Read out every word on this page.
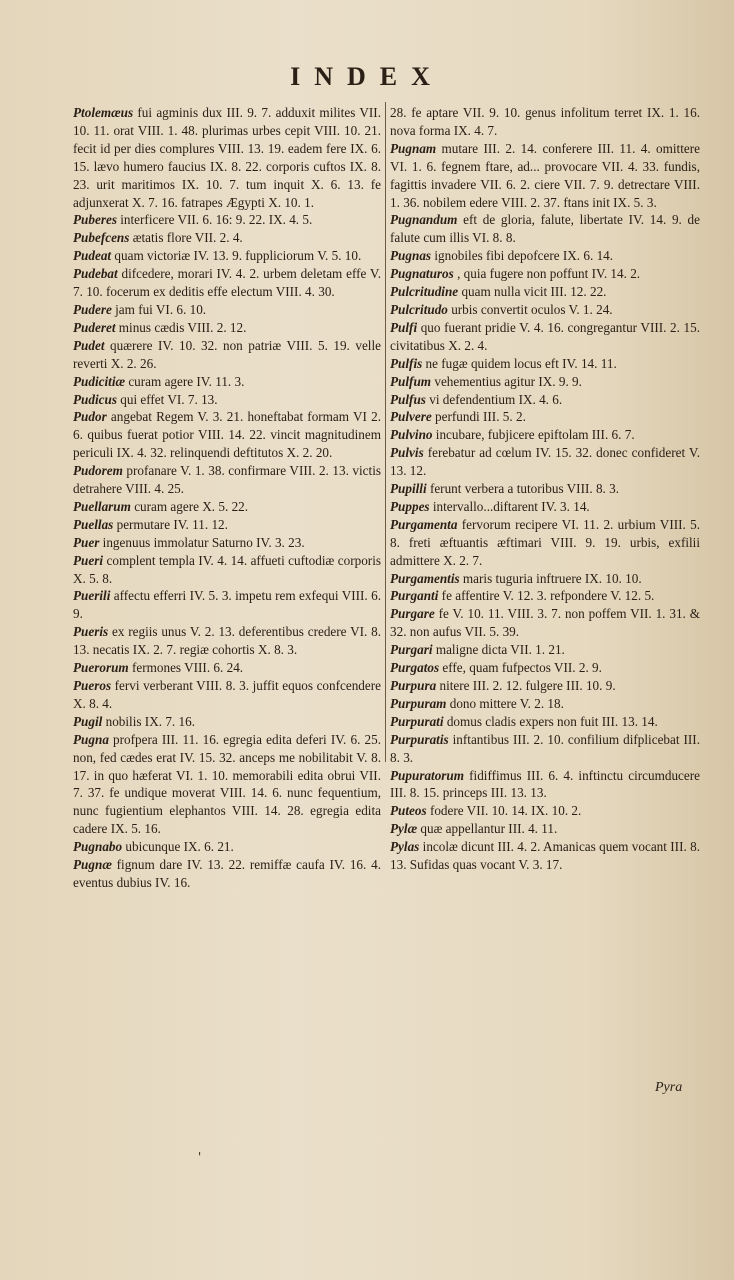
INDEX

Ptolemæus fui agminis dux III. 9. 7. adduxit milites VII. 10. 11. orat VIII. 1. 48. plurimas urbes cepit VIII. 10. 21. fecit id per dies complures VIII. 13. 19. eadem fere IX. 6. 15. lævo humero faucius IX. 8. 22. corporis cuftos IX. 8. 23. urit maritimos IX. 10. 7. tum inquit X. 6. 13. fe adjunxerat X. 7. 16. fatrapes Ægypti X. 10. 1.

Puberes interficere VII. 6. 16: 9. 22. IX. 4. 5.

Pubefcens ætatis flore VII. 2. 4.

Pudeat quam victoriæ IV. 13. 9. fuppliciorum V. 5. 10.

Pudebat difcedere, morari IV. 4. 2. urbem deletam effe V. 7. 10. focerum ex deditis effe electum VIII. 4. 30.

Pudere jam fui VI. 6. 10.

Puderet minus cædis VIII. 2. 12.

Pudet quærere IV. 10. 32. non patriæ VIII. 5. 19. velle reverti X. 2. 26.

Pudicitiæ curam agere IV. 11. 3.

Pudicus qui effet VI. 7. 13.

Pudor angebat Regem V. 3. 21. honeftabat formam VI 2. 6. quibus fuerat potior VIII. 14. 22. vincit magnitudinem periculi IX. 4. 32. relinquendi deftitutos X. 2. 20.

Pudorem profanare V. 1. 38. confirmare VIII. 2. 13. victis detrahere VIII. 4. 25.

Puellarum curam agere X. 5. 22.

Puellas permutare IV. 11. 12.

Puer ingenuus immolatur Saturno IV. 3. 23.

Pueri complent templa IV. 4. 14. affueti cuftodiæ corporis X. 5. 8.

Puerili affectu efferri IV. 5. 3. impetu rem exfequi VIII. 6. 9.

Pueris ex regiis unus V. 2. 13. deferentibus credere VI. 8. 13. necatis IX. 2. 7. regiæ cohortis X. 8. 3.

Puerorum fermones VIII. 6. 24.

Pueros fervi verberant VIII. 8. 3. juffit equos confcendere X. 8. 4.

Pugil nobilis IX. 7. 16.

Pugna profpera III. 11. 16. egregia edita deferi IV. 6. 25. non, fed cædes erat IV. 15. 32. anceps me nobilitabit V. 8. 17. in quo hæferat VI. 1. 10. memorabili edita obrui VII. 7. 37. fe undique moverat VIII. 14. 6. nunc fequentium, nunc fugientium elephantos VIII. 14. 28. egregia edita cadere IX. 5. 16.

Pugnabo ubicunque IX. 6. 21.

Pugnæ fignum dare IV. 13. 22. remiffæ caufa IV. 16. 4. eventus dubius IV. 16.

28. fe aptare VII. 9. 10. genus infolitum terret IX. 1. 16. nova forma IX. 4. 7.

Pugnam mutare III. 2. 14. conferere III. 11. 4. omittere VI. 1. 6. fegnem ftare, ad... provocare VII. 4. 33. fundis, fagittis invadere VII. 6. 2. ciere VII. 7. 9. detrectare VIII. 1. 36. nobilem edere VIII. 2. 37. ftans init IX. 5. 3.

Pugnandum eft de gloria, falute, libertate IV. 14. 9. de falute cum illis VI. 8. 8.

Pugnas ignobiles fibi depofcere IX. 6. 14.

Pugnaturos , quia fugere non poffunt IV. 14. 2.

Pulcritudine quam nulla vicit III. 12. 22.

Pulcritudo urbis convertit oculos V. 1. 24.

Pulfi quo fuerant pridie V. 4. 16. congregantur VIII. 2. 15. civitatibus X. 2. 4.

Pulfis ne fugæ quidem locus eft IV. 14. 11.

Pulfum vehementius agitur IX. 9. 9.

Pulfus vi defendentium IX. 4. 6.

Pulvere perfundi III. 5. 2.

Pulvino incubare, fubjicere epiftolam III. 6. 7.

Pulvis ferebatur ad cœlum IV. 15. 32. donec confideret V. 13. 12.

Pupilli ferunt verbera a tutoribus VIII. 8. 3.

Puppes intervallo...diftarent IV. 3. 14.

Purgamenta fervorum recipere VI. 11. 2. urbium VIII. 5. 8. freti æftuantis æftimari VIII. 9. 19. urbis, exfilii admittere X. 2. 7.

Purgamentis maris tuguria inftruere IX. 10. 10.

Purganti fe affentire V. 12. 3. refpondere V. 12. 5.

Purgare fe V. 10. 11. VIII. 3. 7. non poffem VII. 1. 31. & 32. non aufus VII. 5. 39.

Purgari maligne dicta VII. 1. 21.

Purgatos effe, quam fufpectos VII. 2. 9.

Purpura nitere III. 2. 12. fulgere III. 10. 9.

Purpuram dono mittere V. 2. 18.

Purpurati domus cladis expers non fuit III. 13. 14.

Purpuratis inftantibus III. 2. 10. confilium difplicebat III. 8. 3.

Pupuratorum fidiffimus III. 6. 4. inftinctu circumducere III. 8. 15. princeps III. 13. 13.

Puteos fodere VII. 10. 14. IX. 10. 2.

Pylæ quæ appellantur III. 4. 11.

Pylas incolæ dicunt III. 4. 2. Amanicas quem vocant III. 8. 13. Sufidas quas vocant V. 3. 17.

Pyra
'
